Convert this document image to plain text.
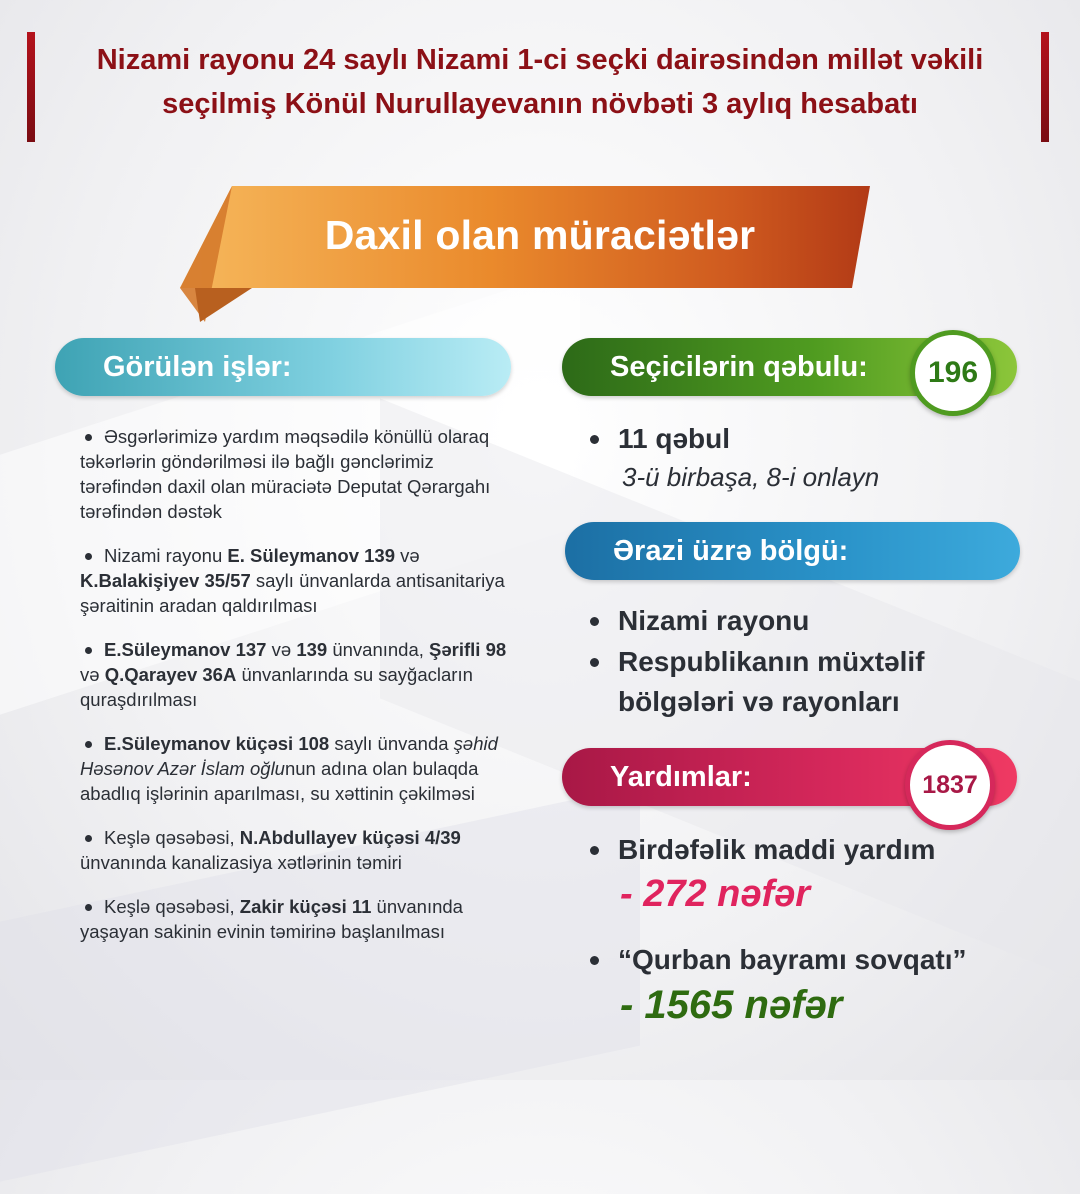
Nizami rayonu 24 saylı Nizami 1-ci seçki dairəsindən millət vəkili
seçilmiş Könül Nurullayevanın növbəti 3 aylıq hesabatı
Daxil olan müraciətlər
Görülən işlər:
Əsgərlərimizə yardım məqsədilə könüllü olaraq təkərlərin göndərilməsi ilə bağlı gənclərimiz tərəfindən daxil olan müraciətə Deputat Qərargahı tərəfindən dəstək
Nizami rayonu E. Süleymanov 139 və K.Balakişiyev 35/57 saylı ünvanlarda antisanitariya şəraitinin aradan qaldırılması
E.Süleymanov 137 və 139 ünvanında, Şərifli 98 və Q.Qarayev 36A ünvanlarında su sayğacların quraşdırılması
E.Süleymanov küçəsi 108 saylı ünvanda şəhid Həsənov Azər İslam oğlunun adına olan bulaqda abadlıq işlərinin aparılması, su xəttinin çəkilməsi
Keşlə qəsəbəsi, N.Abdullayev küçəsi 4/39 ünvanında kanalizasiya xətlərinin təmiri
Keşlə qəsəbəsi, Zakir küçəsi 11 ünvanında yaşayan sakinin evinin təmirinə başlanılması
Seçicilərin qəbulu:	196
11 qəbul
3-ü birbaşa, 8-i onlayn
Ərazi üzrə bölgü:
Nizami rayonu
Respublikanın müxtəlif
bölgələri və rayonları
Yardımlar:	1837
Birdəfəlik maddi yardım
- 272 nəfər
“Qurban bayramı sovqatı”
- 1565 nəfər
